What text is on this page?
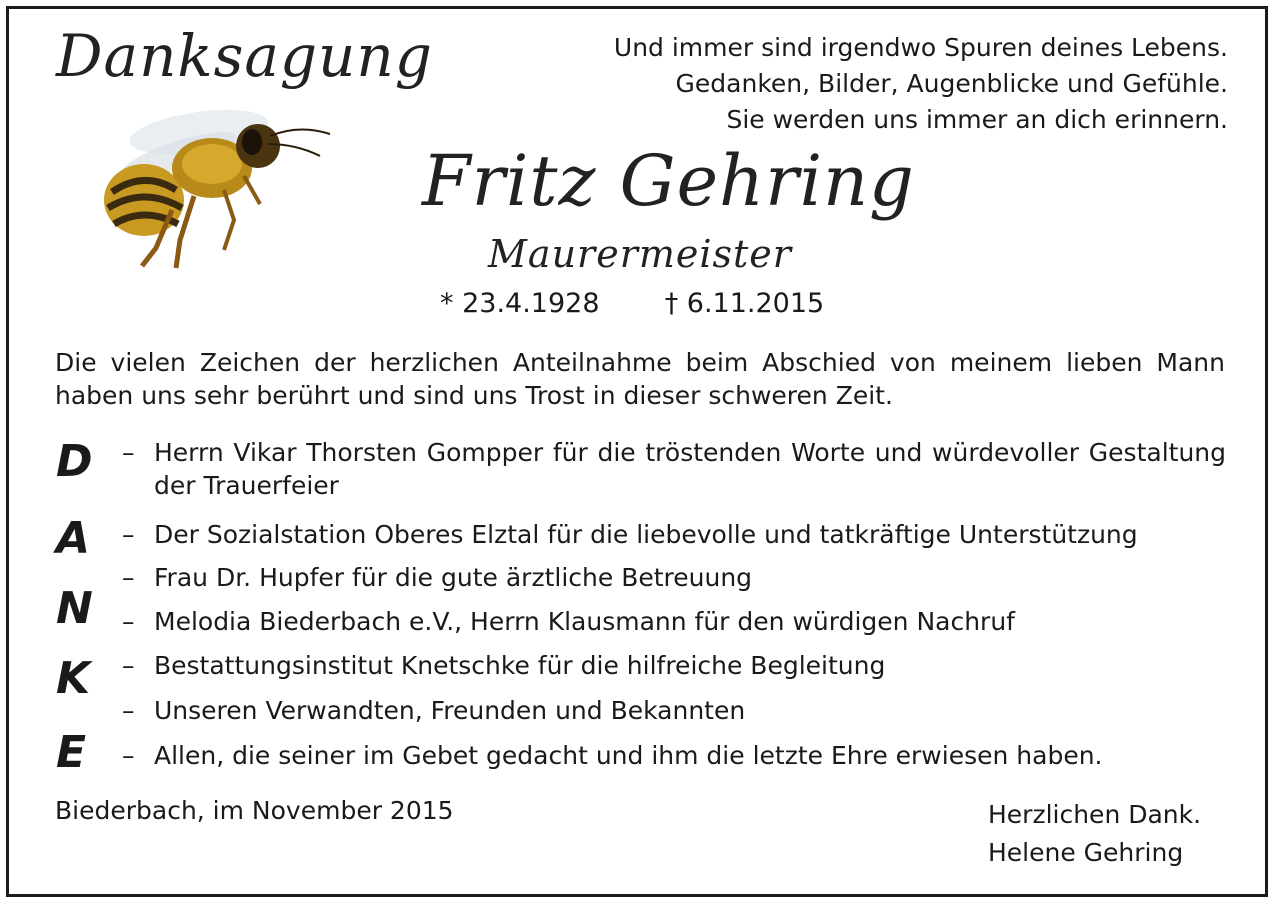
Danksagung	Und immer sind irgendwo Spuren deines Lebens.
Gedanken, Bilder, Augenblicke und Gefühle.
Sie werden uns immer an dich erinnern.
Fritz Gehring
Maurermeister
* 23.4.1928 † 6.11.2015
Die vielen Zeichen der herzlichen Anteilnahme beim Abschied von meinem lieben Mann haben uns sehr berührt und sind uns Trost in dieser schweren Zeit.
D
A
N
K
E
– Herrn Vikar Thorsten Gompper für die tröstenden Worte und würdevoller Gestaltung der Trauerfeier
– Der Sozialstation Oberes Elztal für die liebevolle und tatkräftige Unterstützung
– Frau Dr. Hupfer für die gute ärztliche Betreuung
– Melodia Biederbach e.V., Herrn Klausmann für den würdigen Nachruf
– Bestattungsinstitut Knetschke für die hilfreiche Begleitung
– Unseren Verwandten, Freunden und Bekannten
– Allen, die seiner im Gebet gedacht und ihm die letzte Ehre erwiesen haben.
Biederbach, im November 2015	Herzlichen Dank.
Helene Gehring
